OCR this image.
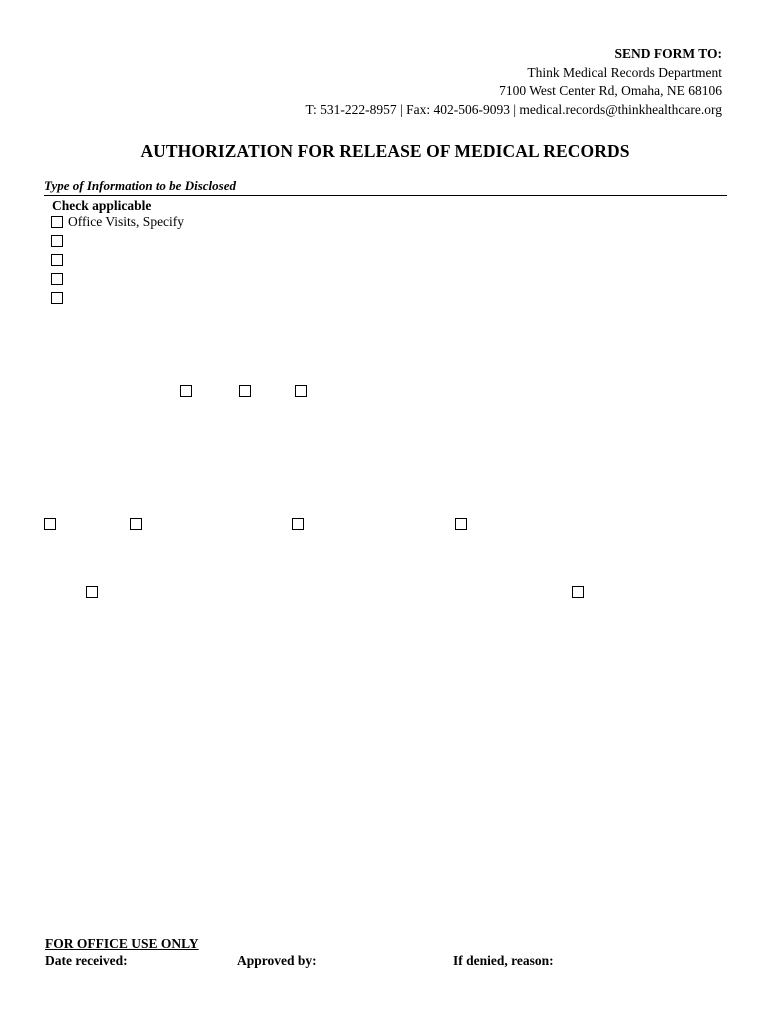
SEND FORM TO:
Think Medical Records Department
7100 West Center Rd, Omaha, NE 68106
T: 531-222-8957 | Fax: 402-506-9093 | medical.records@thinkhealthcare.org
AUTHORIZATION FOR RELEASE OF MEDICAL RECORDS
Type of Information to be Disclosed
Check applicable
Office Visits, Specify
FOR OFFICE USE ONLY
Date received:	Approved by:	If denied, reason:
